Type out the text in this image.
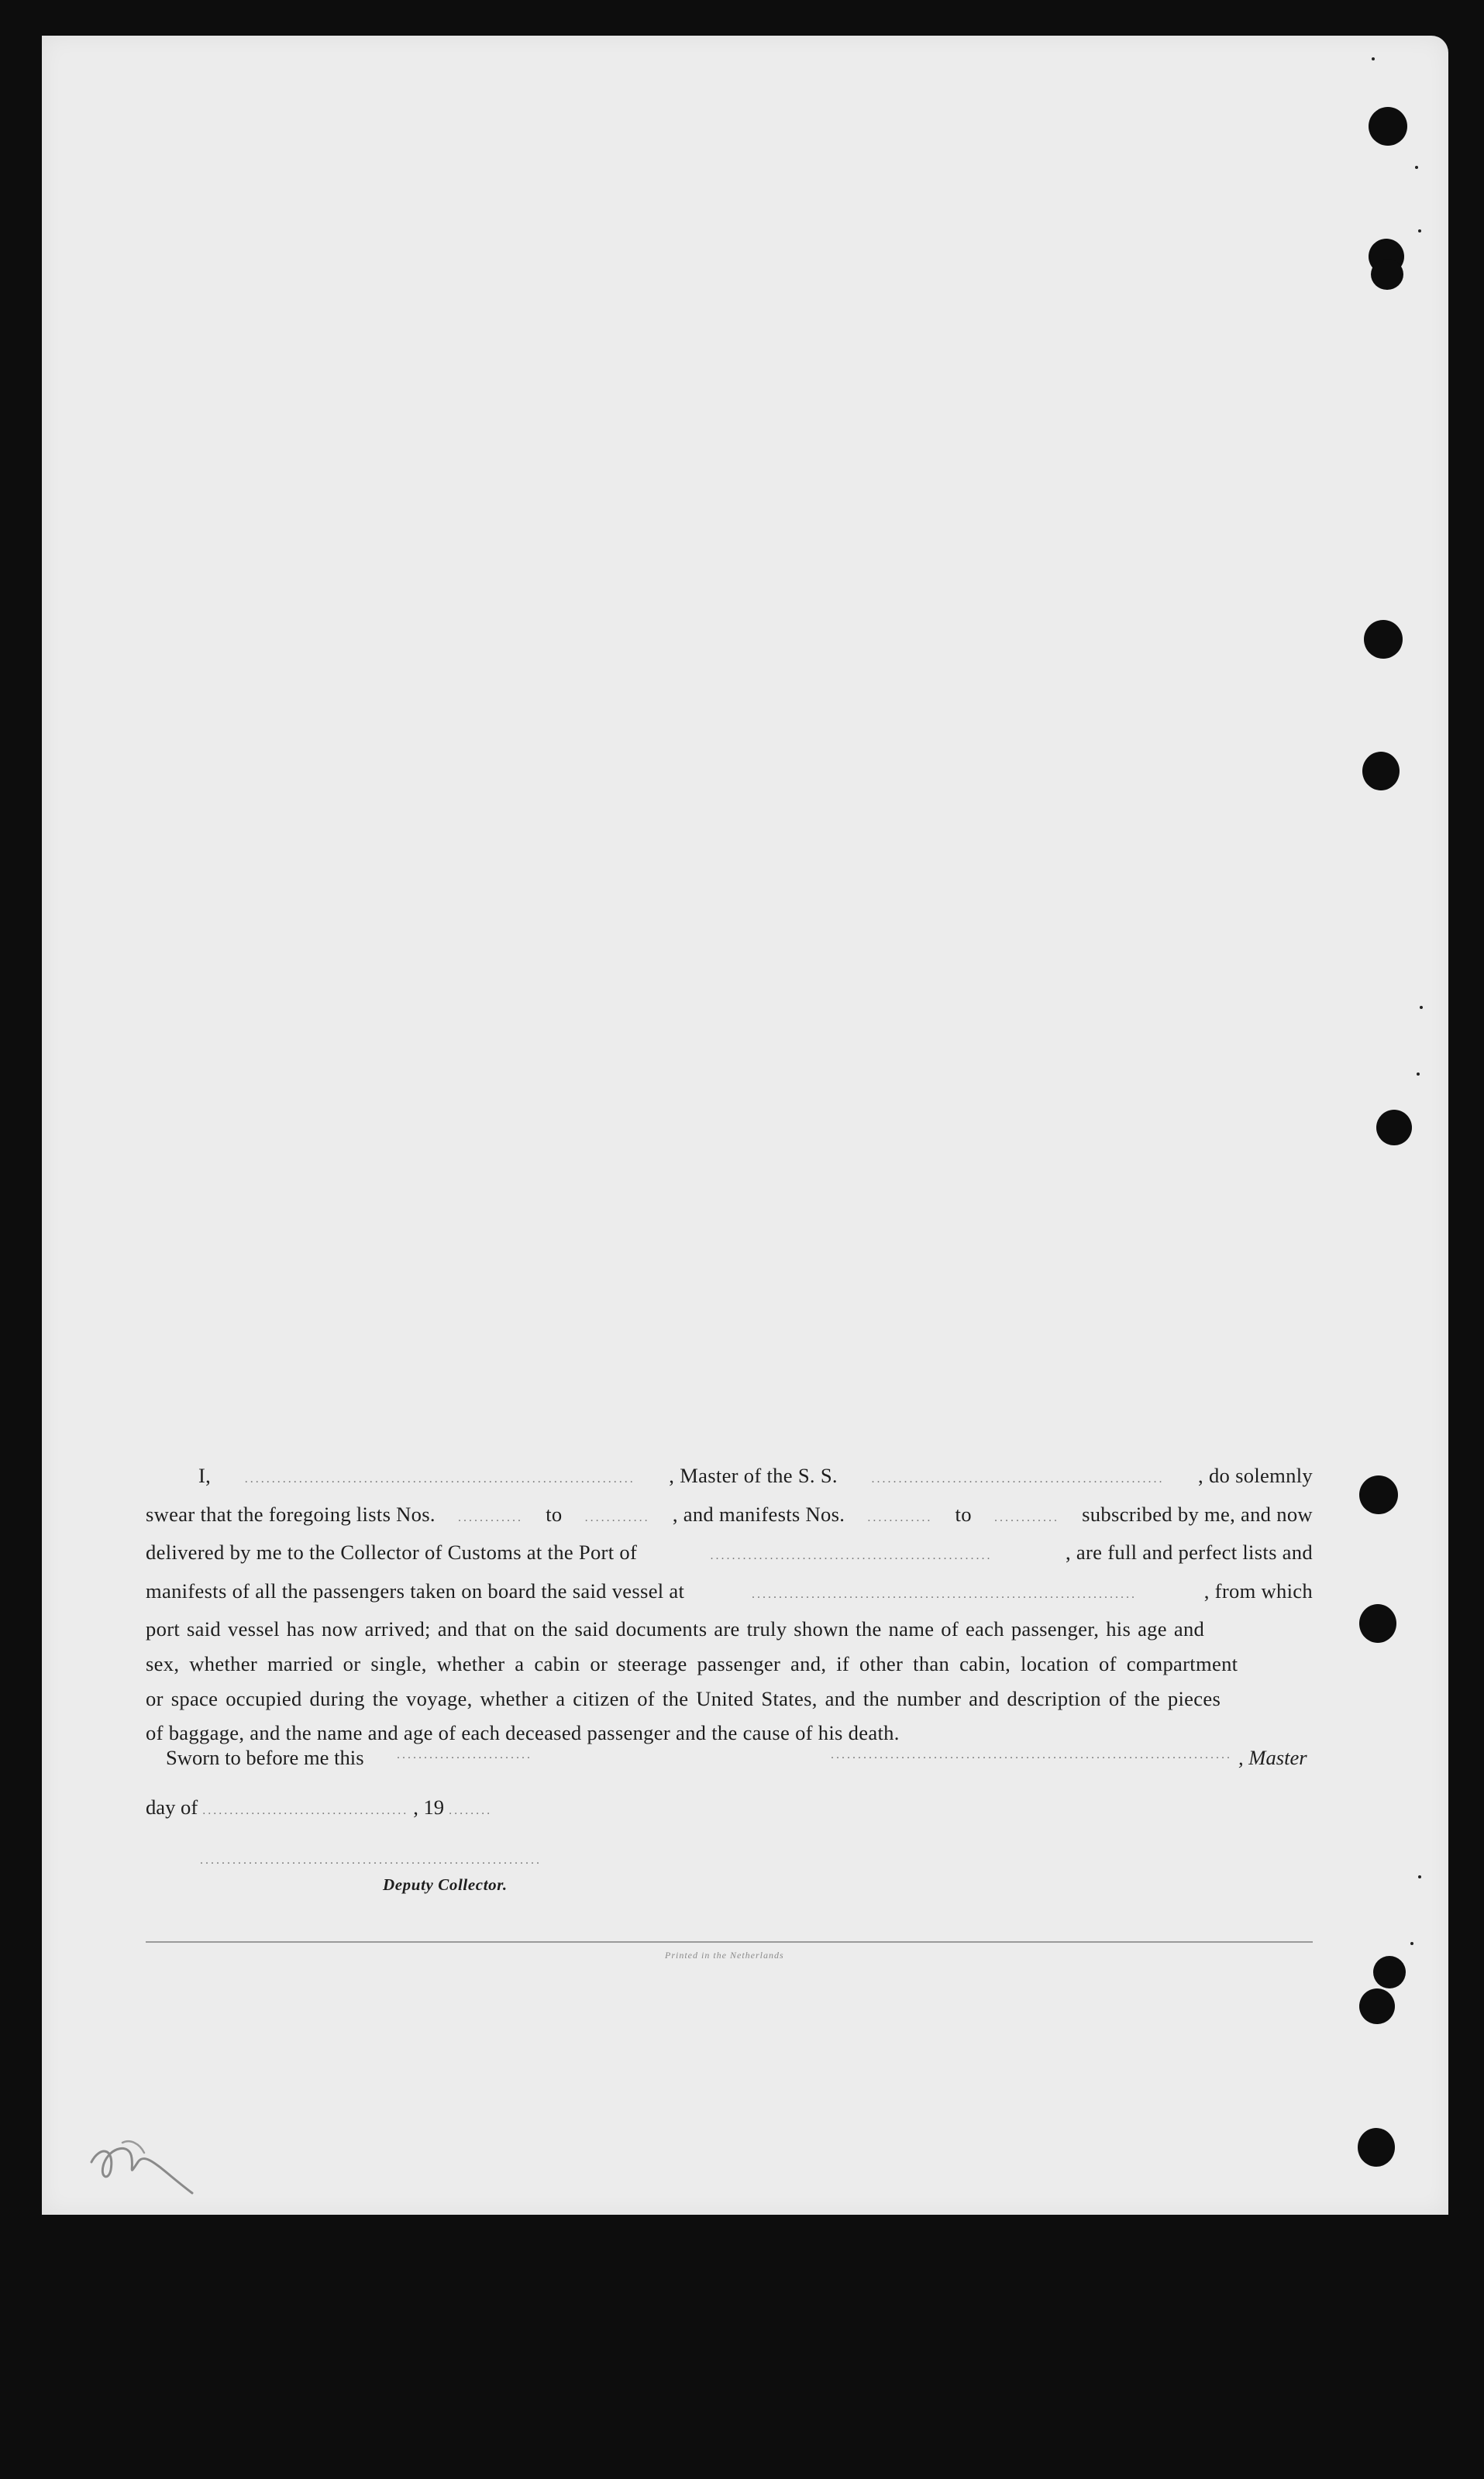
I,	........................................................................ , Master of the S. S.	...................................................... , do solemnly
swear that the foregoing lists Nos. ............ to ............ , and manifests Nos. ............ to ............ subscribed by me, and now
delivered by me to the Collector of Customs at the Port of	....................................................	, are full and perfect lists and
manifests of all the passengers taken on board the said vessel at	.......................................................................	, from which
port said vessel has now arrived; and that on the said documents are truly shown the name of each passenger, his age and
sex, whether married or single, whether a cabin or steerage passenger and, if other than cabin, location of compartment
or space occupied during the voyage, whether a citizen of the United States, and the number and description of the pieces
of baggage, and the name and age of each deceased passenger and the cause of his death.
Sworn to before me this	.........................	.......................................................................... , Master
day of ...................................... , 19 ........
...............................................................
Deputy Collector.
Printed in the Netherlands
